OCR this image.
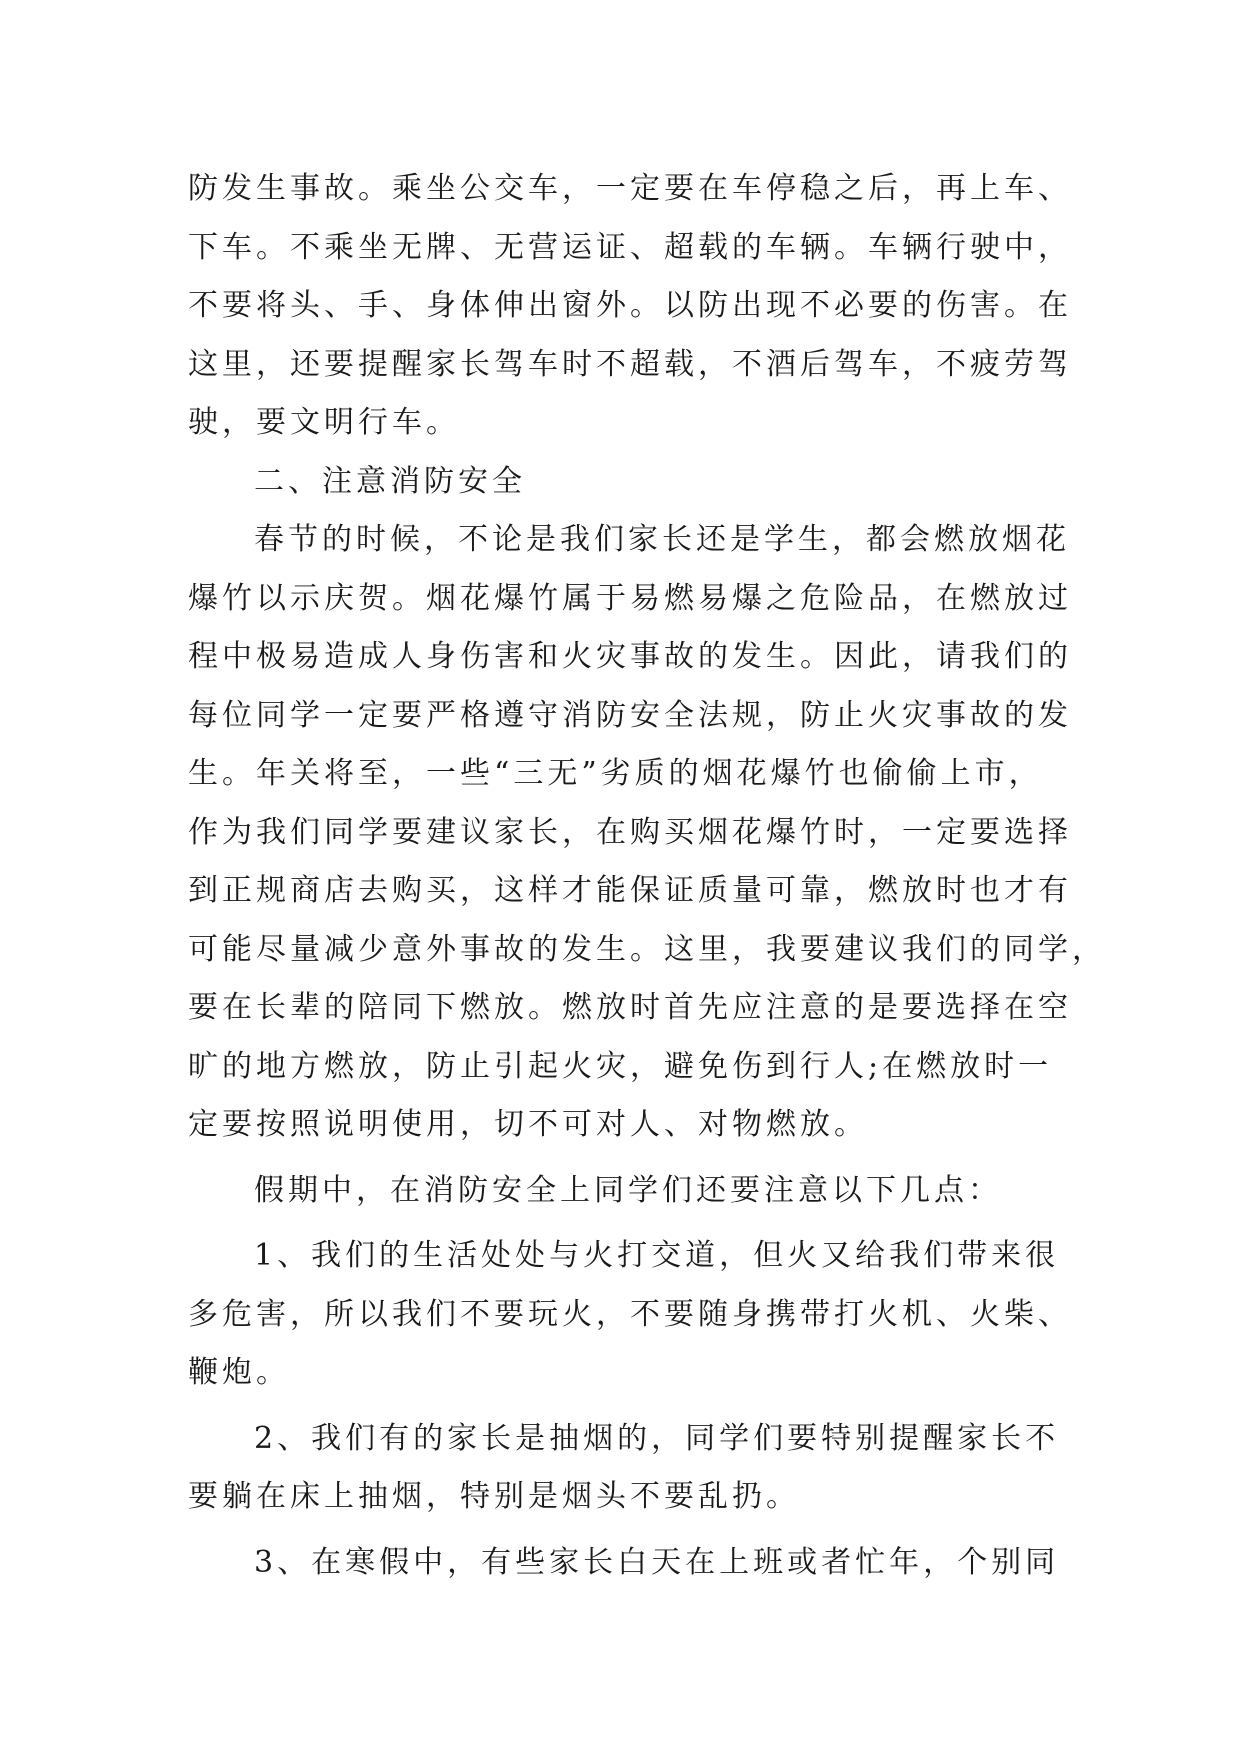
防发生事故。乘坐公交车，一定要在车停稳之后，再上车、
下车。不乘坐无牌、无营运证、超载的车辆。车辆行驶中，
不要将头、手、身体伸出窗外。以防出现不必要的伤害。在
这里，还要提醒家长驾车时不超载，不酒后驾车，不疲劳驾
驶，要文明行车。
二、注意消防安全
春节的时候，不论是我们家长还是学生，都会燃放烟花
爆竹以示庆贺。烟花爆竹属于易燃易爆之危险品，在燃放过
程中极易造成人身伤害和火灾事故的发生。因此，请我们的
每位同学一定要严格遵守消防安全法规，防止火灾事故的发
生。年关将至，一些“三无”劣质的烟花爆竹也偷偷上市，
作为我们同学要建议家长，在购买烟花爆竹时，一定要选择
到正规商店去购买，这样才能保证质量可靠，燃放时也才有
可能尽量减少意外事故的发生。这里，我要建议我们的同学，
要在长辈的陪同下燃放。燃放时首先应注意的是要选择在空
旷的地方燃放，防止引起火灾，避免伤到行人;在燃放时一
定要按照说明使用，切不可对人、对物燃放。
假期中，在消防安全上同学们还要注意以下几点：
1、我们的生活处处与火打交道，但火又给我们带来很
多危害，所以我们不要玩火，不要随身携带打火机、火柴、
鞭炮。
2、我们有的家长是抽烟的，同学们要特别提醒家长不
要躺在床上抽烟，特别是烟头不要乱扔。
3、在寒假中，有些家长白天在上班或者忙年，个别同
